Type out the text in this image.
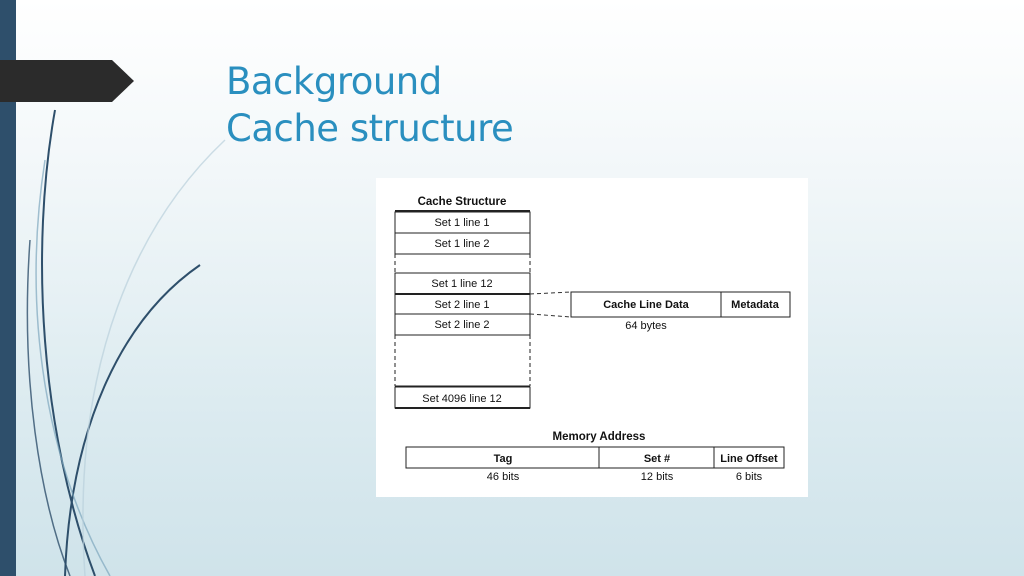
Background
Cache structure
Cache Structure
Set 1 line 1
Set 1 line 2
Set 1 line 12
Set 2 line 1
Set 2 line 2
Set 4096 line 12
Cache Line Data	Metadata
64 bytes
Memory Address
Tag	Set #	Line Offset
46 bits	12 bits	6 bits
